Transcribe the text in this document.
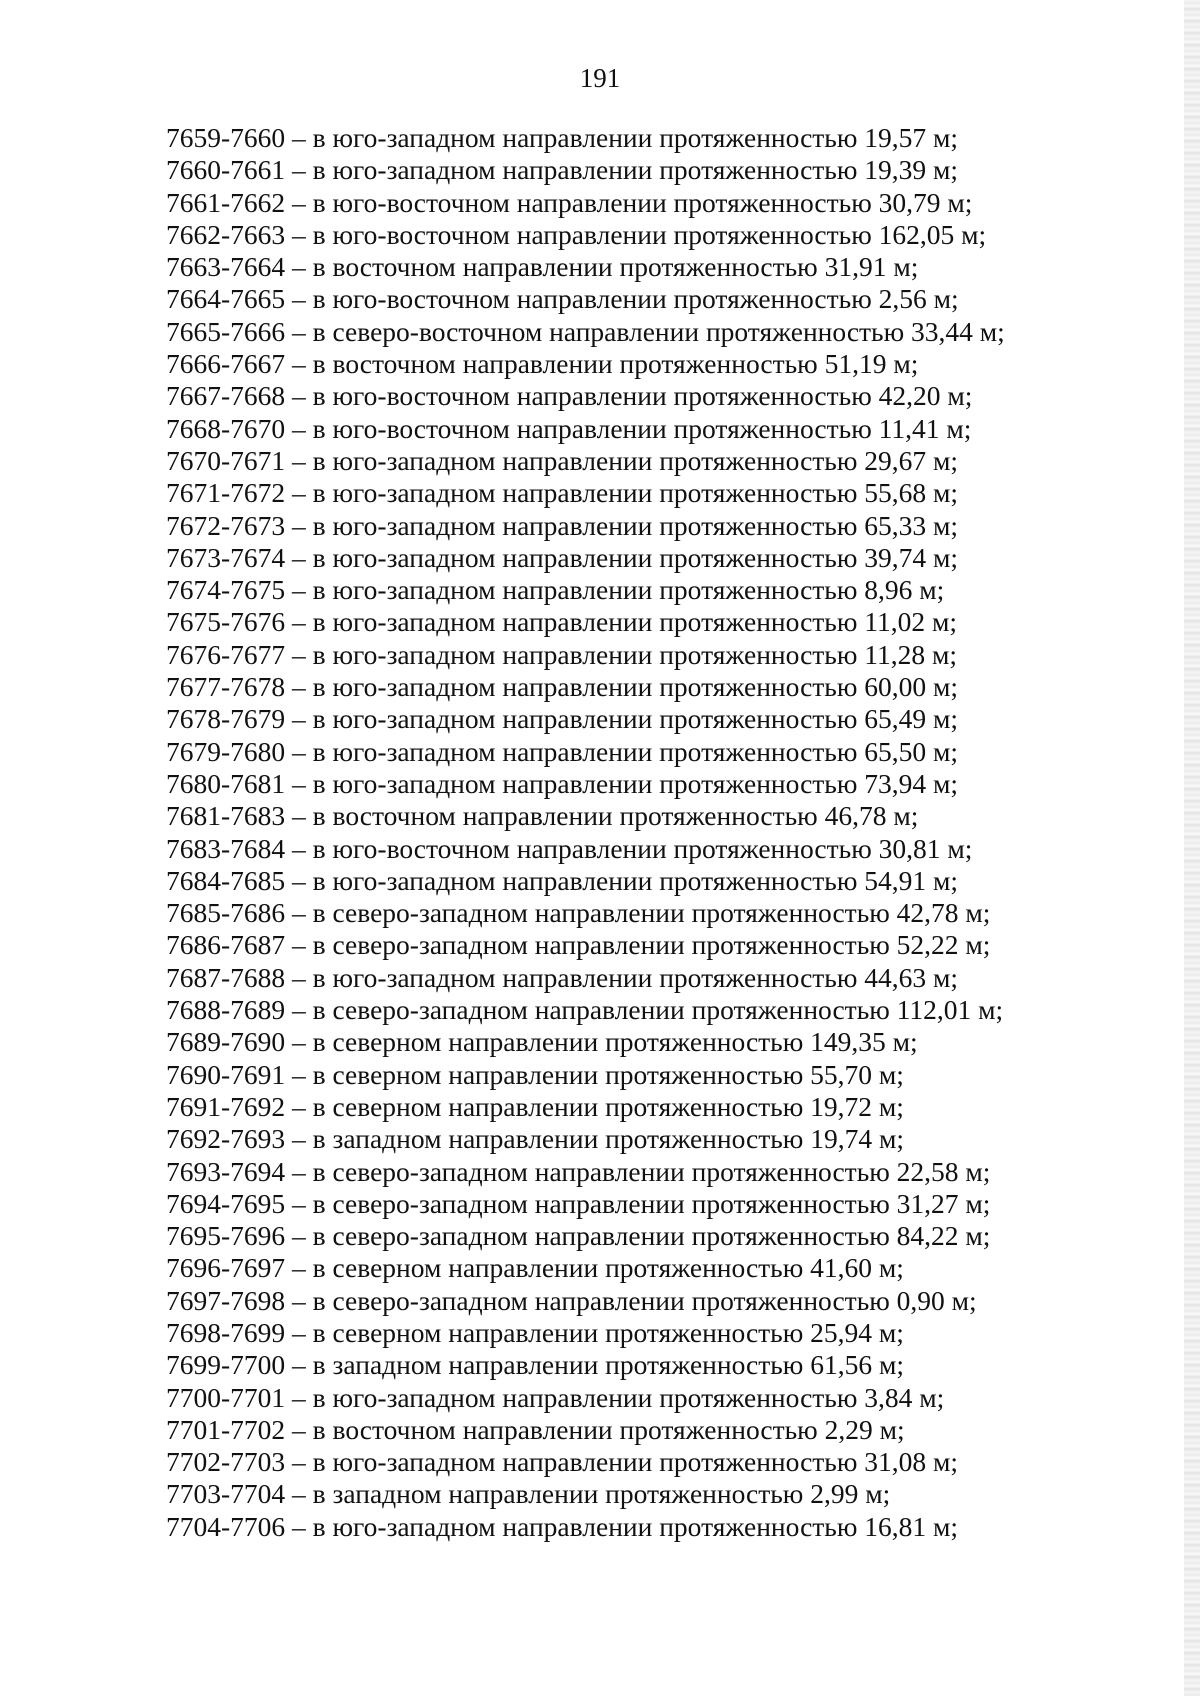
191
7659-7660 – в юго-западном направлении протяженностью 19,57 м;
7660-7661 – в юго-западном направлении протяженностью 19,39 м;
7661-7662 – в юго-восточном направлении протяженностью 30,79 м;
7662-7663 – в юго-восточном направлении протяженностью 162,05 м;
7663-7664 – в восточном направлении протяженностью 31,91 м;
7664-7665 – в юго-восточном направлении протяженностью 2,56 м;
7665-7666 – в северо-восточном направлении протяженностью 33,44 м;
7666-7667 – в восточном направлении протяженностью 51,19 м;
7667-7668 – в юго-восточном направлении протяженностью 42,20 м;
7668-7670 – в юго-восточном направлении протяженностью 11,41 м;
7670-7671 – в юго-западном направлении протяженностью 29,67 м;
7671-7672 – в юго-западном направлении протяженностью 55,68 м;
7672-7673 – в юго-западном направлении протяженностью 65,33 м;
7673-7674 – в юго-западном направлении протяженностью 39,74 м;
7674-7675 – в юго-западном направлении протяженностью 8,96 м;
7675-7676 – в юго-западном направлении протяженностью 11,02 м;
7676-7677 – в юго-западном направлении протяженностью 11,28 м;
7677-7678 – в юго-западном направлении протяженностью 60,00 м;
7678-7679 – в юго-западном направлении протяженностью 65,49 м;
7679-7680 – в юго-западном направлении протяженностью 65,50 м;
7680-7681 – в юго-западном направлении протяженностью 73,94 м;
7681-7683 – в восточном направлении протяженностью 46,78 м;
7683-7684 – в юго-восточном направлении протяженностью 30,81 м;
7684-7685 – в юго-западном направлении протяженностью 54,91 м;
7685-7686 – в северо-западном направлении протяженностью 42,78 м;
7686-7687 – в северо-западном направлении протяженностью 52,22 м;
7687-7688 – в юго-западном направлении протяженностью 44,63 м;
7688-7689 – в северо-западном направлении протяженностью 112,01 м;
7689-7690 – в северном направлении протяженностью 149,35 м;
7690-7691 – в северном направлении протяженностью 55,70 м;
7691-7692 – в северном направлении протяженностью 19,72 м;
7692-7693 – в западном направлении протяженностью 19,74 м;
7693-7694 – в северо-западном направлении протяженностью 22,58 м;
7694-7695 – в северо-западном направлении протяженностью 31,27 м;
7695-7696 – в северо-западном направлении протяженностью 84,22 м;
7696-7697 – в северном направлении протяженностью 41,60 м;
7697-7698 – в северо-западном направлении протяженностью 0,90 м;
7698-7699 – в северном направлении протяженностью 25,94 м;
7699-7700 – в западном направлении протяженностью 61,56 м;
7700-7701 – в юго-западном направлении протяженностью 3,84 м;
7701-7702 – в восточном направлении протяженностью 2,29 м;
7702-7703 – в юго-западном направлении протяженностью 31,08 м;
7703-7704 – в западном направлении протяженностью 2,99 м;
7704-7706 – в юго-западном направлении протяженностью 16,81 м;
